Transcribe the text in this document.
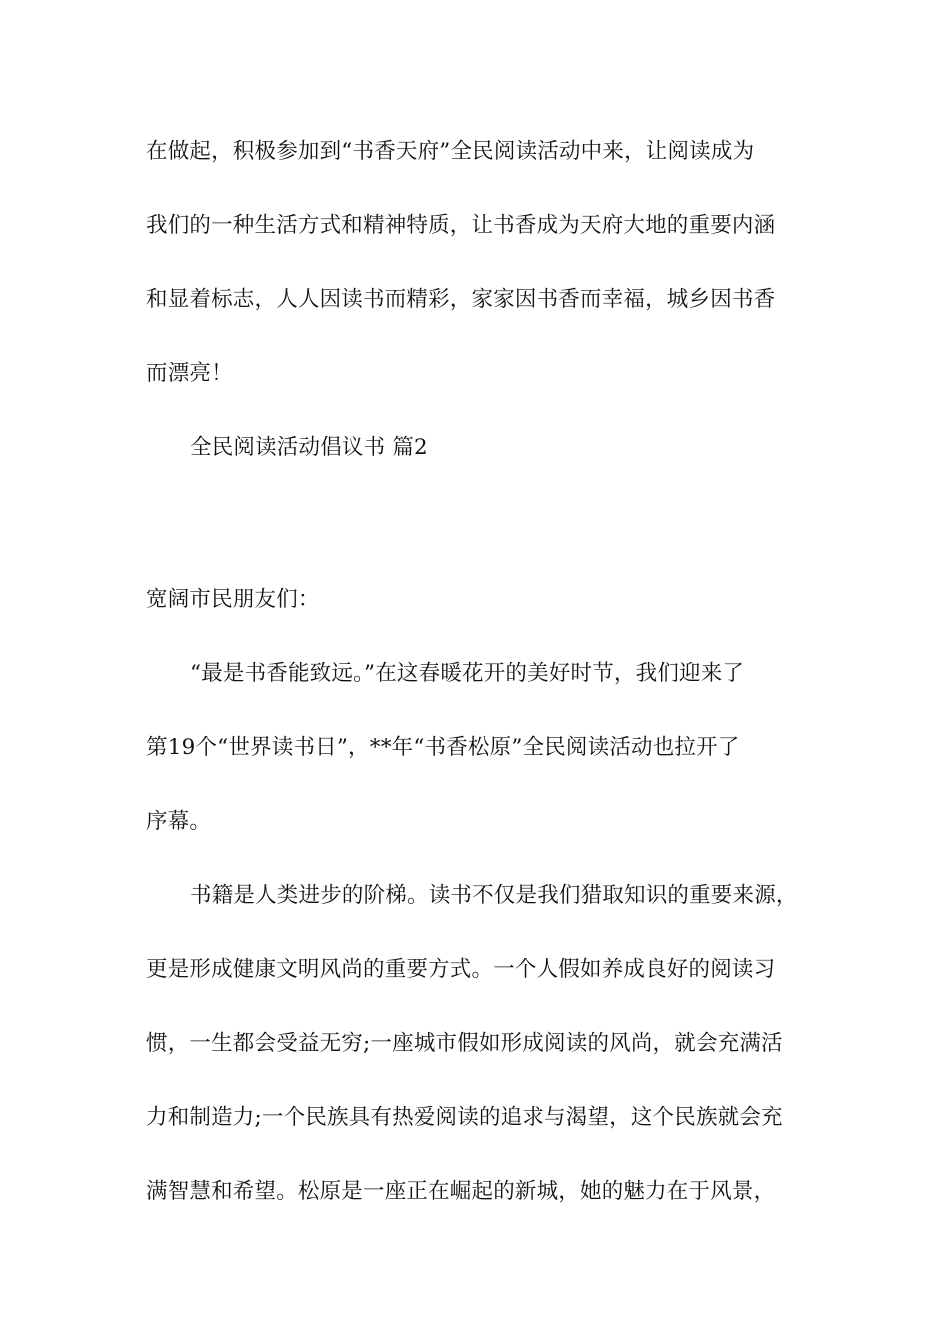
在做起，积极参加到“书香天府”全民阅读活动中来，让阅读成为
我们的一种生活方式和精神特质，让书香成为天府大地的重要内涵
和显着标志，人人因读书而精彩，家家因书香而幸福，城乡因书香
而漂亮！
全民阅读活动倡议书 篇2
宽阔市民朋友们：
“最是书香能致远。”在这春暖花开的美好时节，我们迎来了
第19个“世界读书日”，**年“书香松原”全民阅读活动也拉开了
序幕。
书籍是人类进步的阶梯。读书不仅是我们猎取知识的重要来源，
更是形成健康文明风尚的重要方式。一个人假如养成良好的阅读习
惯，一生都会受益无穷;一座城市假如形成阅读的风尚，就会充满活
力和制造力;一个民族具有热爱阅读的追求与渴望，这个民族就会充
满智慧和希望。松原是一座正在崛起的新城，她的魅力在于风景，
